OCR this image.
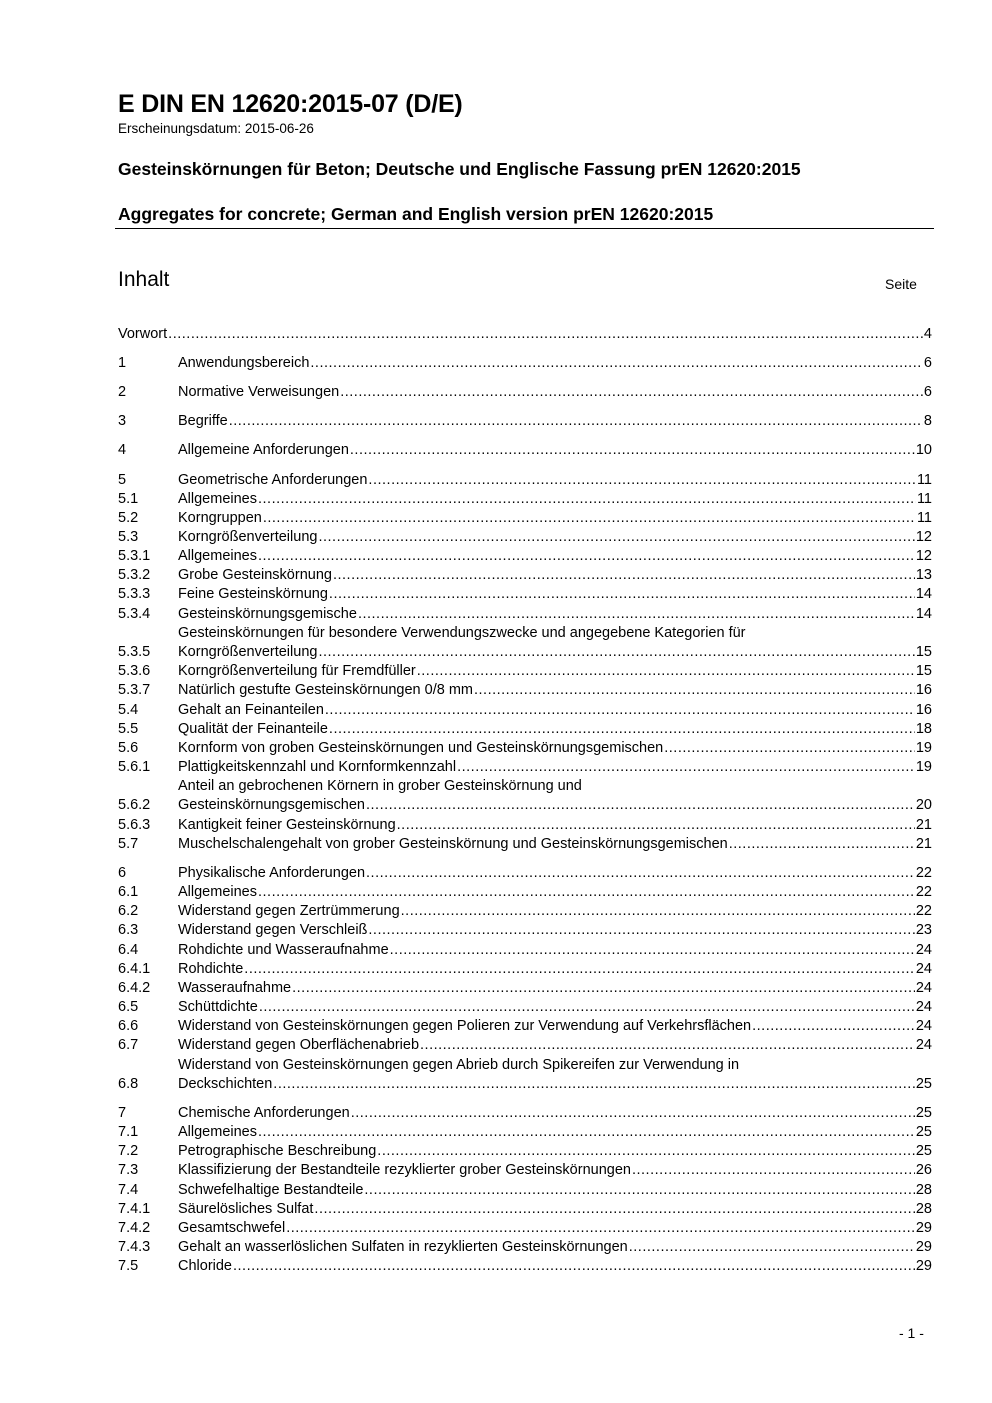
E DIN EN 12620:2015-07 (D/E)
Erscheinungsdatum: 2015-06-26
Gesteinskörnungen für Beton; Deutsche und Englische Fassung prEN 12620:2015
Aggregates for concrete; German and English version prEN 12620:2015
Inhalt	Seite
Vorwort .....	4
1	Anwendungsbereich .....	6
2	Normative Verweisungen .....	6
3	Begriffe .....	8
4	Allgemeine Anforderungen .....	10
5	Geometrische Anforderungen .....	11
5.1	Allgemeines .....	11
5.2	Korngruppen .....	11
5.3	Korngrößenverteilung .....	12
5.3.1 Allgemeines .....	12
5.3.2 Grobe Gesteinskörnung .....	13
5.3.3 Feine Gesteinskörnung .....	14
5.3.4 Gesteinskörnungsgemische .....	14
Gesteinskörnungen für besondere Verwendungszwecke und angegebene Kategorien für
5.3.5 Korngrößenverteilung .....	15
5.3.6 Korngrößenverteilung für Fremdfüller .....	15
5.3.7 Natürlich gestufte Gesteinskörnungen 0/8 mm .....	16
5.4	Gehalt an Feinanteilen .....	16
5.5	Qualität der Feinanteile .....	18
5.6	Kornform von groben Gesteinskörnungen und Gesteinskörnungsgemischen .....	19
5.6.1 Plattigkeitskennzahl und Kornformkennzahl .....	19
Anteil an gebrochenen Körnern in grober Gesteinskörnung und
5.6.2 Gesteinskörnungsgemischen .....	20
5.6.3 Kantigkeit feiner Gesteinskörnung .....	21
5.7	Muschelschalengehalt von grober Gesteinskörnung und Gesteinskörnungsgemischen .....	21
6	Physikalische Anforderungen .....	22
6.1	Allgemeines .....	22
6.2	Widerstand gegen Zertrümmerung .....	22
6.3	Widerstand gegen Verschleiß .....	23
6.4	Rohdichte und Wasseraufnahme .....	24
6.4.1 Rohdichte .....	24
6.4.2 Wasseraufnahme .....	24
6.5	Schüttdichte .....	24
6.6	Widerstand von Gesteinskörnungen gegen Polieren zur Verwendung auf Verkehrsflächen .....	24
6.7	Widerstand gegen Oberflächenabrieb .....	24
Widerstand von Gesteinskörnungen gegen Abrieb durch Spikereifen zur Verwendung in
6.8	Deckschichten .....	25
7	Chemische Anforderungen .....	25
7.1	Allgemeines .....	25
7.2	Petrographische Beschreibung .....	25
7.3	Klassifizierung der Bestandteile rezyklierter grober Gesteinskörnungen .....	26
7.4	Schwefelhaltige Bestandteile .....	28
7.4.1 Säurelösliches Sulfat .....	28
7.4.2 Gesamtschwefel .....	29
7.4.3 Gehalt an wasserlöslichen Sulfaten in rezyklierten Gesteinskörnungen .....	29
7.5	Chloride .....	29
- 1 -
